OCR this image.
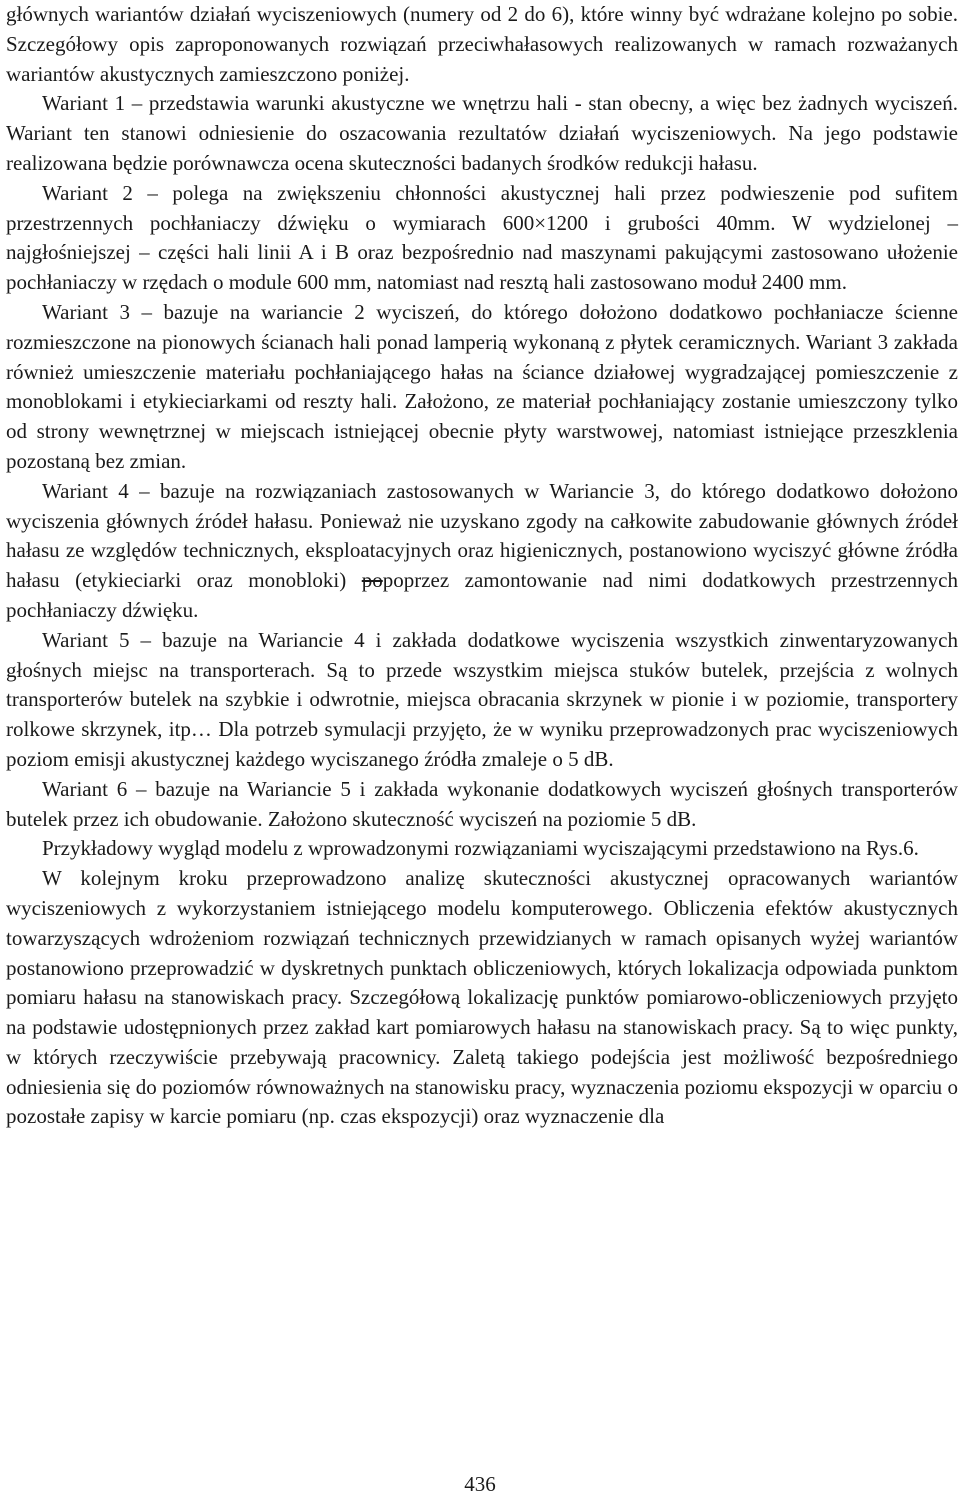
głównych wariantów działań wyciszeniowych (numery od 2 do 6), które winny być wdrażane kolejno po sobie. Szczegółowy opis zaproponowanych rozwiązań przeciwhałasowych realizowanych w ramach rozważanych wariantów akustycznych zamieszczono poniżej.

Wariant 1 – przedstawia warunki akustyczne we wnętrzu hali - stan obecny, a więc bez żadnych wyciszeń. Wariant ten stanowi odniesienie do oszacowania rezultatów działań wyciszeniowych. Na jego podstawie realizowana będzie porównawcza ocena skuteczności badanych środków redukcji hałasu.

Wariant 2 – polega na zwiększeniu chłonności akustycznej hali przez podwieszenie pod sufitem przestrzennych pochłaniaczy dźwięku o wymiarach 600×1200 i grubości 40mm. W wydzielonej – najgłośniejszej – części hali linii A i B oraz bezpośrednio nad maszynami pakującymi zastosowano ułożenie pochłaniaczy w rzędach o module 600 mm, natomiast nad resztą hali zastosowano moduł 2400 mm.

Wariant 3 – bazuje na wariancie 2 wyciszeń, do którego dołożono dodatkowo pochłaniacze ścienne rozmieszczone na pionowych ścianach hali ponad lamperią wykonaną z płytek ceramicznych. Wariant 3 zakłada również umieszczenie materiału pochłaniającego hałas na ściance działowej wygradzającej pomieszczenie z monoblokami i etykieciarkami od reszty hali. Założono, ze materiał pochłaniający zostanie umieszczony tylko od strony wewnętrznej w miejscach istniejącej obecnie płyty warstwowej, natomiast istniejące przeszklenia pozostaną bez zmian.

Wariant 4 – bazuje na rozwiązaniach zastosowanych w Wariancie 3, do którego dodatkowo dołożono wyciszenia głównych źródeł hałasu. Ponieważ nie uzyskano zgody na całkowite zabudowanie głównych źródeł hałasu ze względów technicznych, eksploatacyjnych oraz higienicznych, postanowiono wyciszyć główne źródła hałasu (etykieciarki oraz monobloki) popoprzez zamontowanie nad nimi dodatkowych przestrzennych pochłaniaczy dźwięku.

Wariant 5 – bazuje na Wariancie 4 i zakłada dodatkowe wyciszenia wszystkich zinwentaryzowanych głośnych miejsc na transporterach. Są to przede wszystkim miejsca stuków butelek, przejścia z wolnych transporterów butelek na szybkie i odwrotnie, miejsca obracania skrzynek w pionie i w poziomie, transportery rolkowe skrzynek, itp… Dla potrzeb symulacji przyjęto, że w wyniku przeprowadzonych prac wyciszeniowych poziom emisji akustycznej każdego wyciszanego źródła zmaleje o 5 dB.

Wariant 6 – bazuje na Wariancie 5 i zakłada wykonanie dodatkowych wyciszeń głośnych transporterów butelek przez ich obudowanie. Założono skuteczność wyciszeń na poziomie 5 dB.

Przykładowy wygląd modelu z wprowadzonymi rozwiązaniami wyciszającymi przedstawiono na Rys.6.

W kolejnym kroku przeprowadzono analizę skuteczności akustycznej opracowanych wariantów wyciszeniowych z wykorzystaniem istniejącego modelu komputerowego. Obliczenia efektów akustycznych towarzyszących wdrożeniom rozwiązań technicznych przewidzianych w ramach opisanych wyżej wariantów postanowiono przeprowadzić w dyskretnych punktach obliczeniowych, których lokalizacja odpowiada punktom pomiaru hałasu na stanowiskach pracy. Szczegółową lokalizację punktów pomiarowo-obliczeniowych przyjęto na podstawie udostępnionych przez zakład kart pomiarowych hałasu na stanowiskach pracy. Są to więc punkty, w których rzeczywiście przebywają pracownicy. Zaletą takiego podejścia jest możliwość bezpośredniego odniesienia się do poziomów równoważnych na stanowisku pracy, wyznaczenia poziomu ekspozycji w oparciu o pozostałe zapisy w karcie pomiaru (np. czas ekspozycji) oraz wyznaczenie dla

436
